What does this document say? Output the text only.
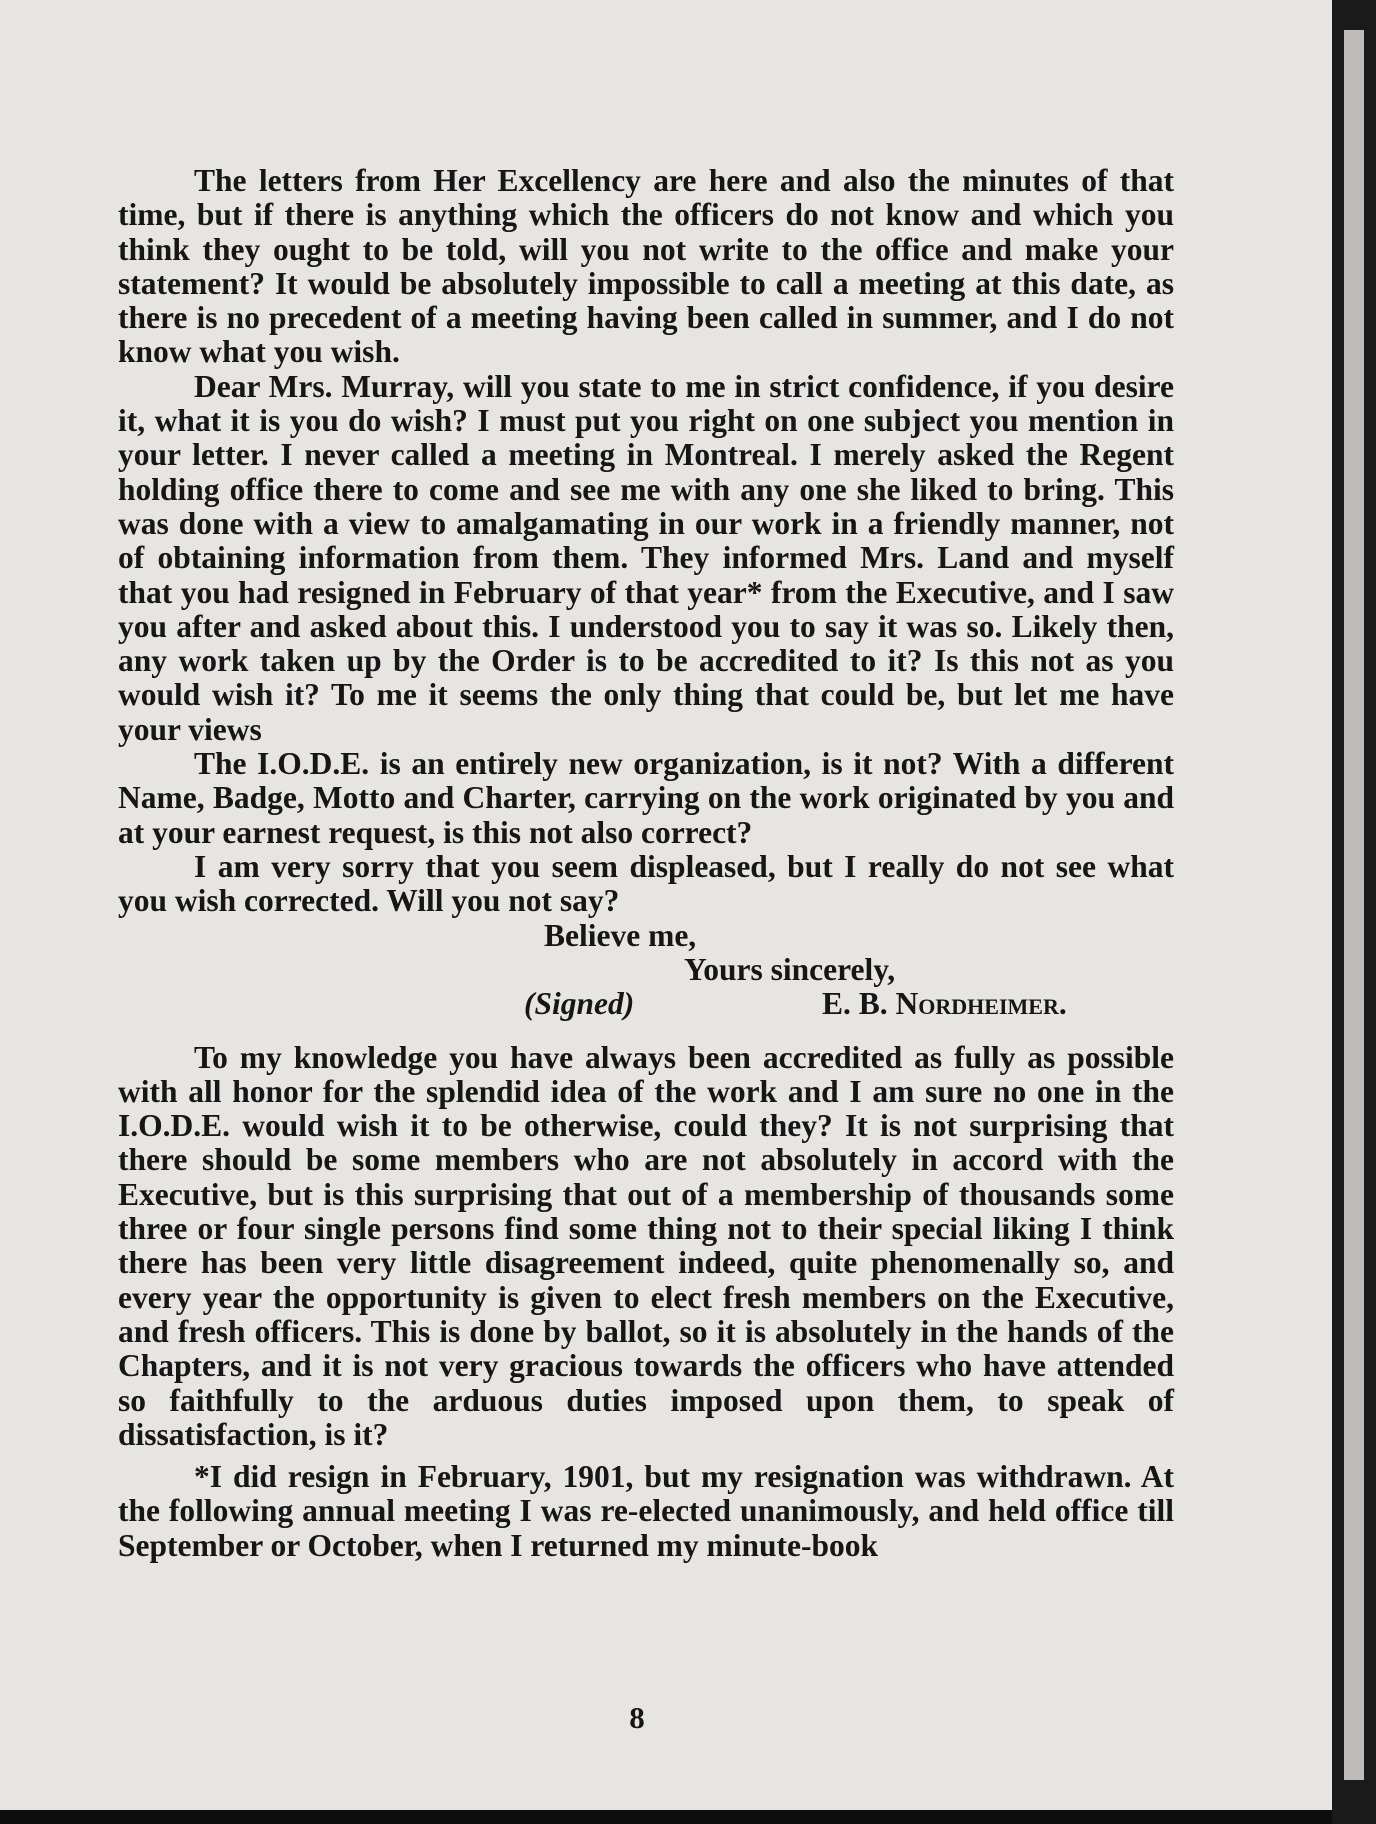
The letters from Her Excellency are here and also the minutes of that time, but if there is anything which the officers do not know and which you think they ought to be told, will you not write to the office and make your statement? It would be absolutely impossible to call a meeting at this date, as there is no precedent of a meeting having been called in summer, and I do not know what you wish.

Dear Mrs. Murray, will you state to me in strict confidence, if you desire it, what it is you do wish? I must put you right on one subject you mention in your letter. I never called a meeting in Montreal. I merely asked the Regent holding office there to come and see me with any one she liked to bring. This was done with a view to amalgamating in our work in a friendly manner, not of obtaining information from them. They informed Mrs. Land and myself that you had resigned in February of that year* from the Executive, and I saw you after and asked about this. I understood you to say it was so. Likely then, any work taken up by the Order is to be accredited to it? Is this not as you would wish it? To me it seems the only thing that could be, but let me have your views

The I.O.D.E. is an entirely new organization, is it not? With a different Name, Badge, Motto and Charter, carrying on the work originated by you and at your earnest request, is this not also correct?

I am very sorry that you seem displeased, but I really do not see what you wish corrected. Will you not say?

Believe me,
Yours sincerely,
(Signed)	E. B. Nordheimer.

To my knowledge you have always been accredited as fully as possible with all honor for the splendid idea of the work and I am sure no one in the I.O.D.E. would wish it to be otherwise, could they? It is not surprising that there should be some members who are not absolutely in accord with the Executive, but is this surprising that out of a membership of thousands some three or four single persons find some thing not to their special liking I think there has been very little disagreement indeed, quite phenomenally so, and every year the opportunity is given to elect fresh members on the Executive, and fresh officers. This is done by ballot, so it is absolutely in the hands of the Chapters, and it is not very gracious towards the officers who have attended so faithfully to the arduous duties imposed upon them, to speak of dissatisfaction, is it?

*I did resign in February, 1901, but my resignation was withdrawn. At the following annual meeting I was re-elected unanimously, and held office till September or October, when I returned my minute-book

8
